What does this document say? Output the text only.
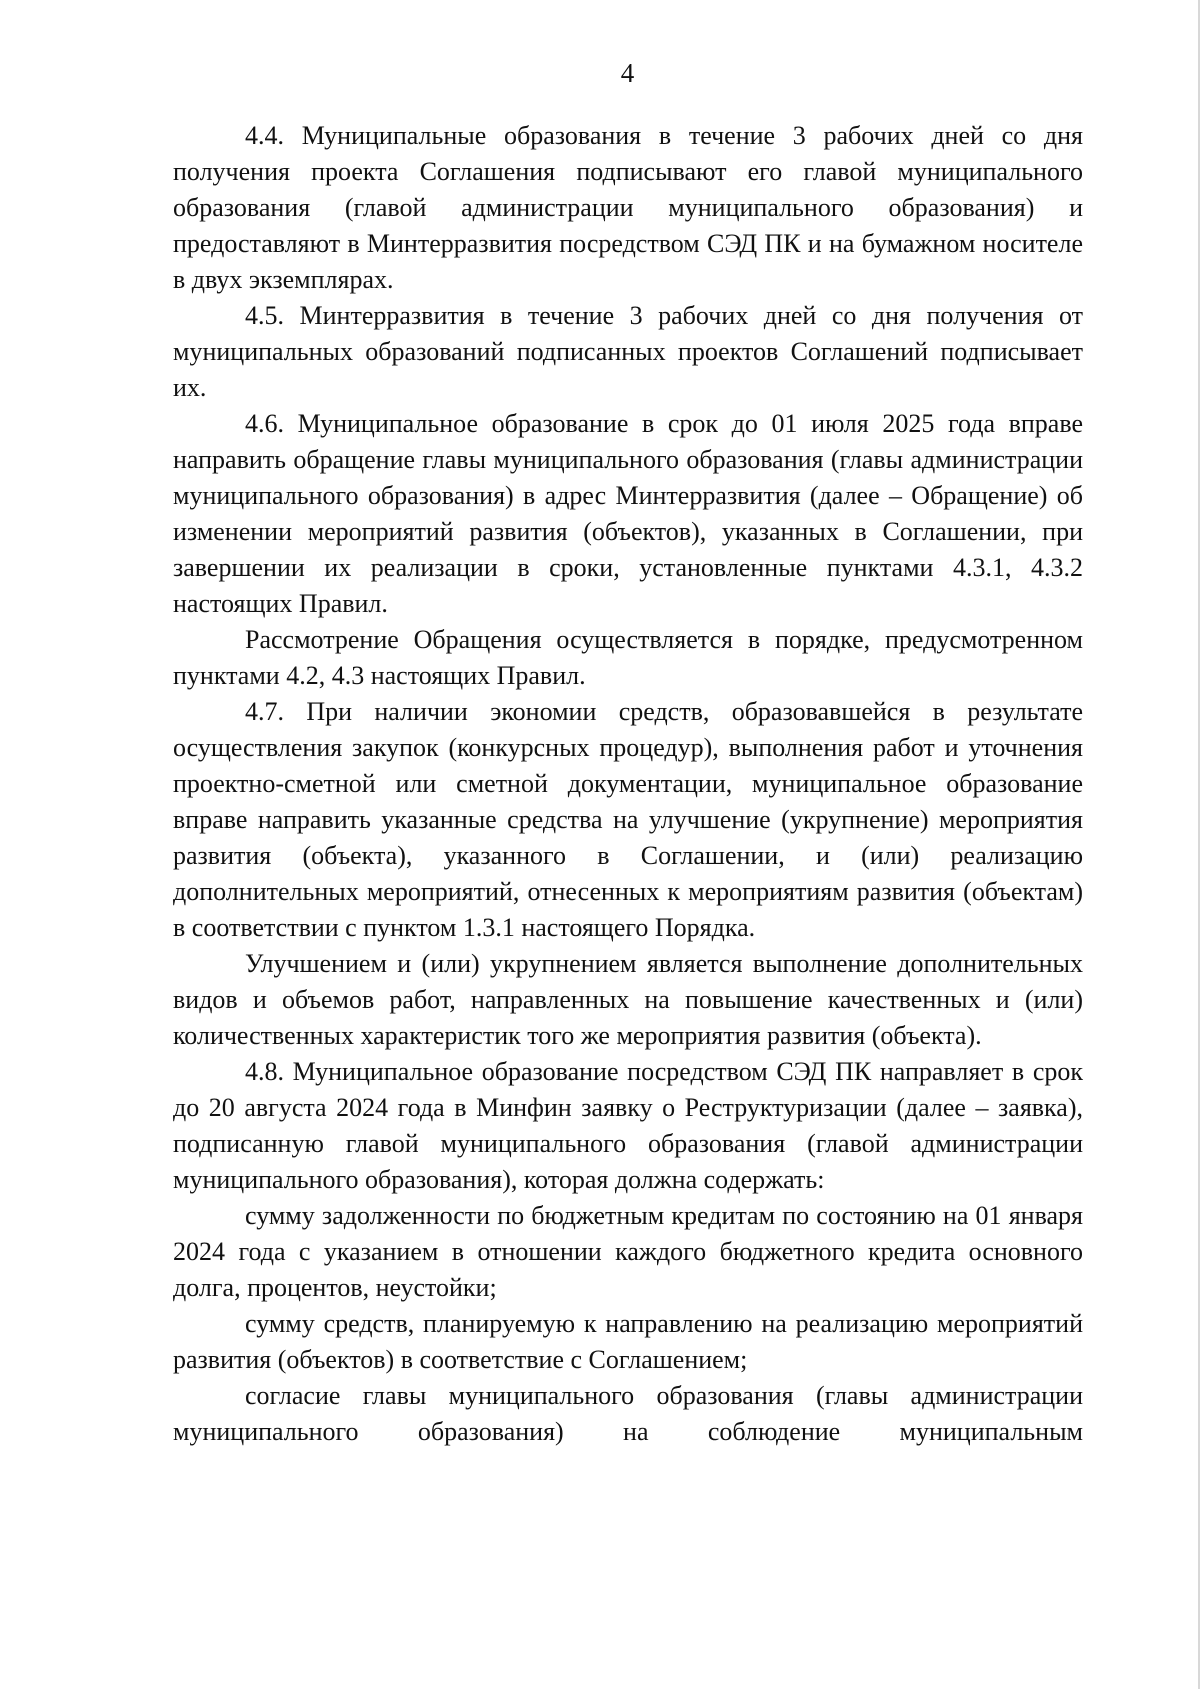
4

4.4. Муниципальные образования в течение 3 рабочих дней со дня получения проекта Соглашения подписывают его главой муниципального образования (главой администрации муниципального образования) и предоставляют в Минтерразвития посредством СЭД ПК и на бумажном носителе в двух экземплярах.

4.5. Минтерразвития в течение 3 рабочих дней со дня получения от муниципальных образований подписанных проектов Соглашений подписывает их.

4.6. Муниципальное образование в срок до 01 июля 2025 года вправе направить обращение главы муниципального образования (главы администрации муниципального образования) в адрес Минтерразвития (далее – Обращение) об изменении мероприятий развития (объектов), указанных в Соглашении, при завершении их реализации в сроки, установленные пунктами 4.3.1, 4.3.2 настоящих Правил.

Рассмотрение Обращения осуществляется в порядке, предусмотренном пунктами 4.2, 4.3 настоящих Правил.

4.7. При наличии экономии средств, образовавшейся в результате осуществления закупок (конкурсных процедур), выполнения работ и уточнения проектно-сметной или сметной документации, муниципальное образование вправе направить указанные средства на улучшение (укрупнение) мероприятия развития (объекта), указанного в Соглашении, и (или) реализацию дополнительных мероприятий, отнесенных к мероприятиям развития (объектам) в соответствии с пунктом 1.3.1 настоящего Порядка.

Улучшением и (или) укрупнением является выполнение дополнительных видов и объемов работ, направленных на повышение качественных и (или) количественных характеристик того же мероприятия развития (объекта).

4.8. Муниципальное образование посредством СЭД ПК направляет в срок до 20 августа 2024 года в Минфин заявку о Реструктуризации (далее – заявка), подписанную главой муниципального образования (главой администрации муниципального образования), которая должна содержать:

сумму задолженности по бюджетным кредитам по состоянию на 01 января 2024 года с указанием в отношении каждого бюджетного кредита основного долга, процентов, неустойки;

сумму средств, планируемую к направлению на реализацию мероприятий развития (объектов) в соответствие с Соглашением;

согласие главы муниципального образования (главы администрации муниципального образования) на соблюдение муниципальным
